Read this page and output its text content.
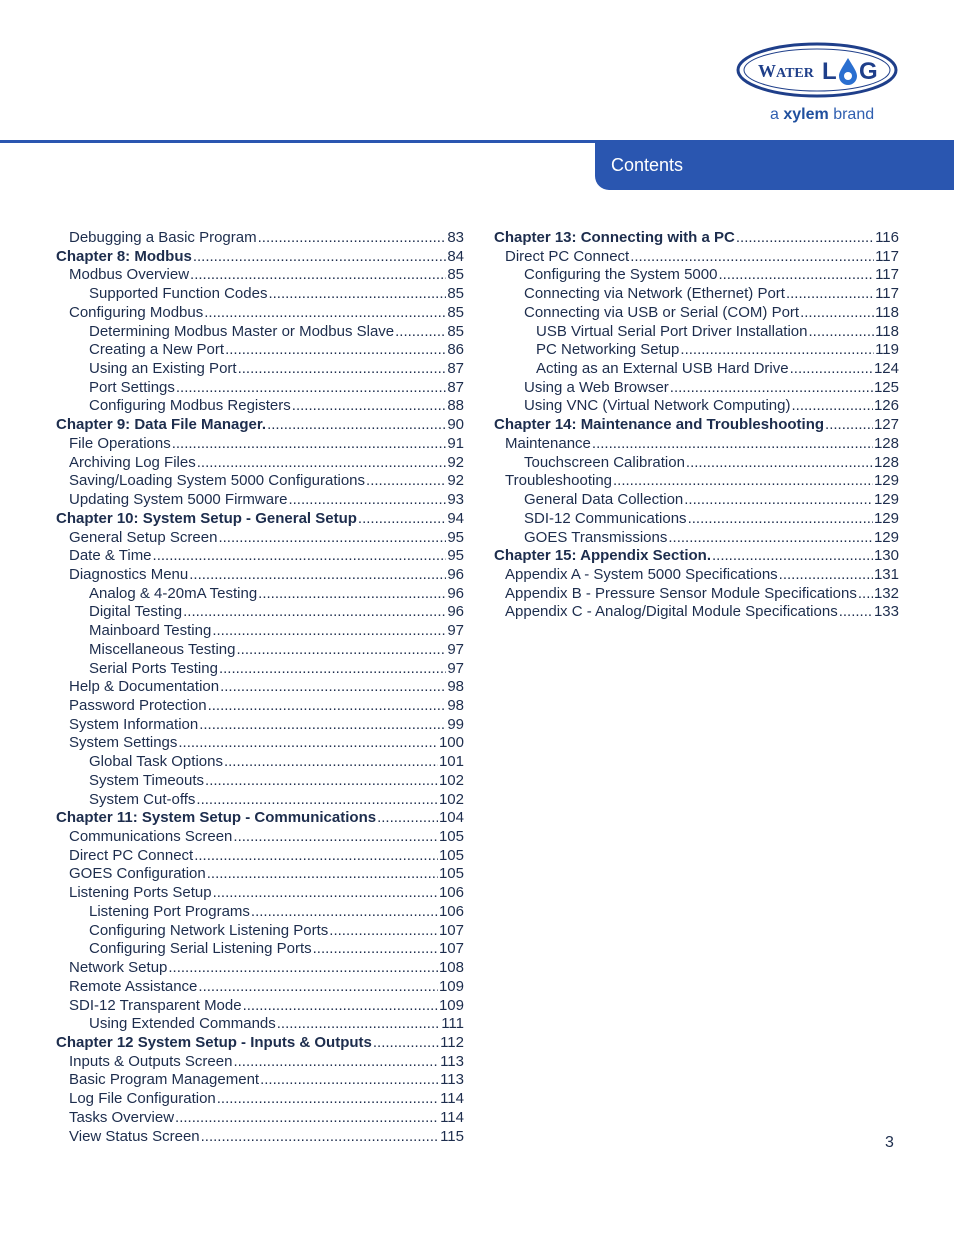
W ATER L G
a xylem brand
Contents
3
Debugging a Basic Program .....	83
Chapter 8: Modbus .....	84
Modbus Overview .....	85
Supported Function Codes .....	85
Configuring Modbus .....	85
Determining Modbus Master or Modbus Slave .....	85
Creating a New Port .....	86
Using an Existing Port .....	87
Port Settings .....	87
Configuring Modbus Registers .....	88
Chapter 9: Data File Manager. .....	90
File Operations .....	91
Archiving Log Files .....	92
Saving/Loading System 5000 Configurations .....	92
Updating System 5000 Firmware .....	93
Chapter 10: System Setup - General Setup .....	94
General Setup Screen .....	95
Date & Time .....	95
Diagnostics Menu .....	96
Analog & 4-20mA Testing .....	96
Digital Testing .....	96
Mainboard Testing .....	97
Miscellaneous Testing .....	97
Serial Ports Testing .....	97
Help & Documentation .....	98
Password Protection .....	98
System Information .....	99
System Settings .....	100
Global Task Options .....	101
System Timeouts .....	102
System Cut-offs .....	102
Chapter 11: System Setup - Communications .....	104
Communications Screen .....	105
Direct PC Connect .....	105
GOES Configuration .....	105
Listening Ports Setup .....	106
Listening Port Programs .....	106
Configuring Network Listening Ports .....	107
Configuring Serial Listening Ports .....	107
Network Setup .....	108
Remote Assistance .....	109
SDI-12 Transparent Mode .....	109
Using Extended Commands .....	111
Chapter 12 System Setup - Inputs & Outputs .....	112
Inputs & Outputs Screen .....	113
Basic Program Management .....	113
Log File Configuration .....	114
Tasks Overview .....	114
View Status Screen .....	115
Chapter 13: Connecting with a PC .....	116
Direct PC Connect .....	117
Configuring the System 5000 .....	117
Connecting via Network (Ethernet) Port .....	117
Connecting via USB or Serial (COM) Port .....	118
USB Virtual Serial Port Driver Installation .....	118
PC Networking Setup .....	119
Acting as an External USB Hard Drive .....	124
Using a Web Browser .....	125
Using VNC (Virtual Network Computing) .....	126
Chapter 14: Maintenance and Troubleshooting .....	127
Maintenance .....	128
Touchscreen Calibration .....	128
Troubleshooting .....	129
General Data Collection .....	129
SDI-12 Communications .....	129
GOES Transmissions .....	129
Chapter 15: Appendix Section. .....	130
Appendix A - System 5000 Specifications .....	131
Appendix B - Pressure Sensor Module Specifications ..... 132
Appendix C - Analog/Digital Module Specifications ..... 133
